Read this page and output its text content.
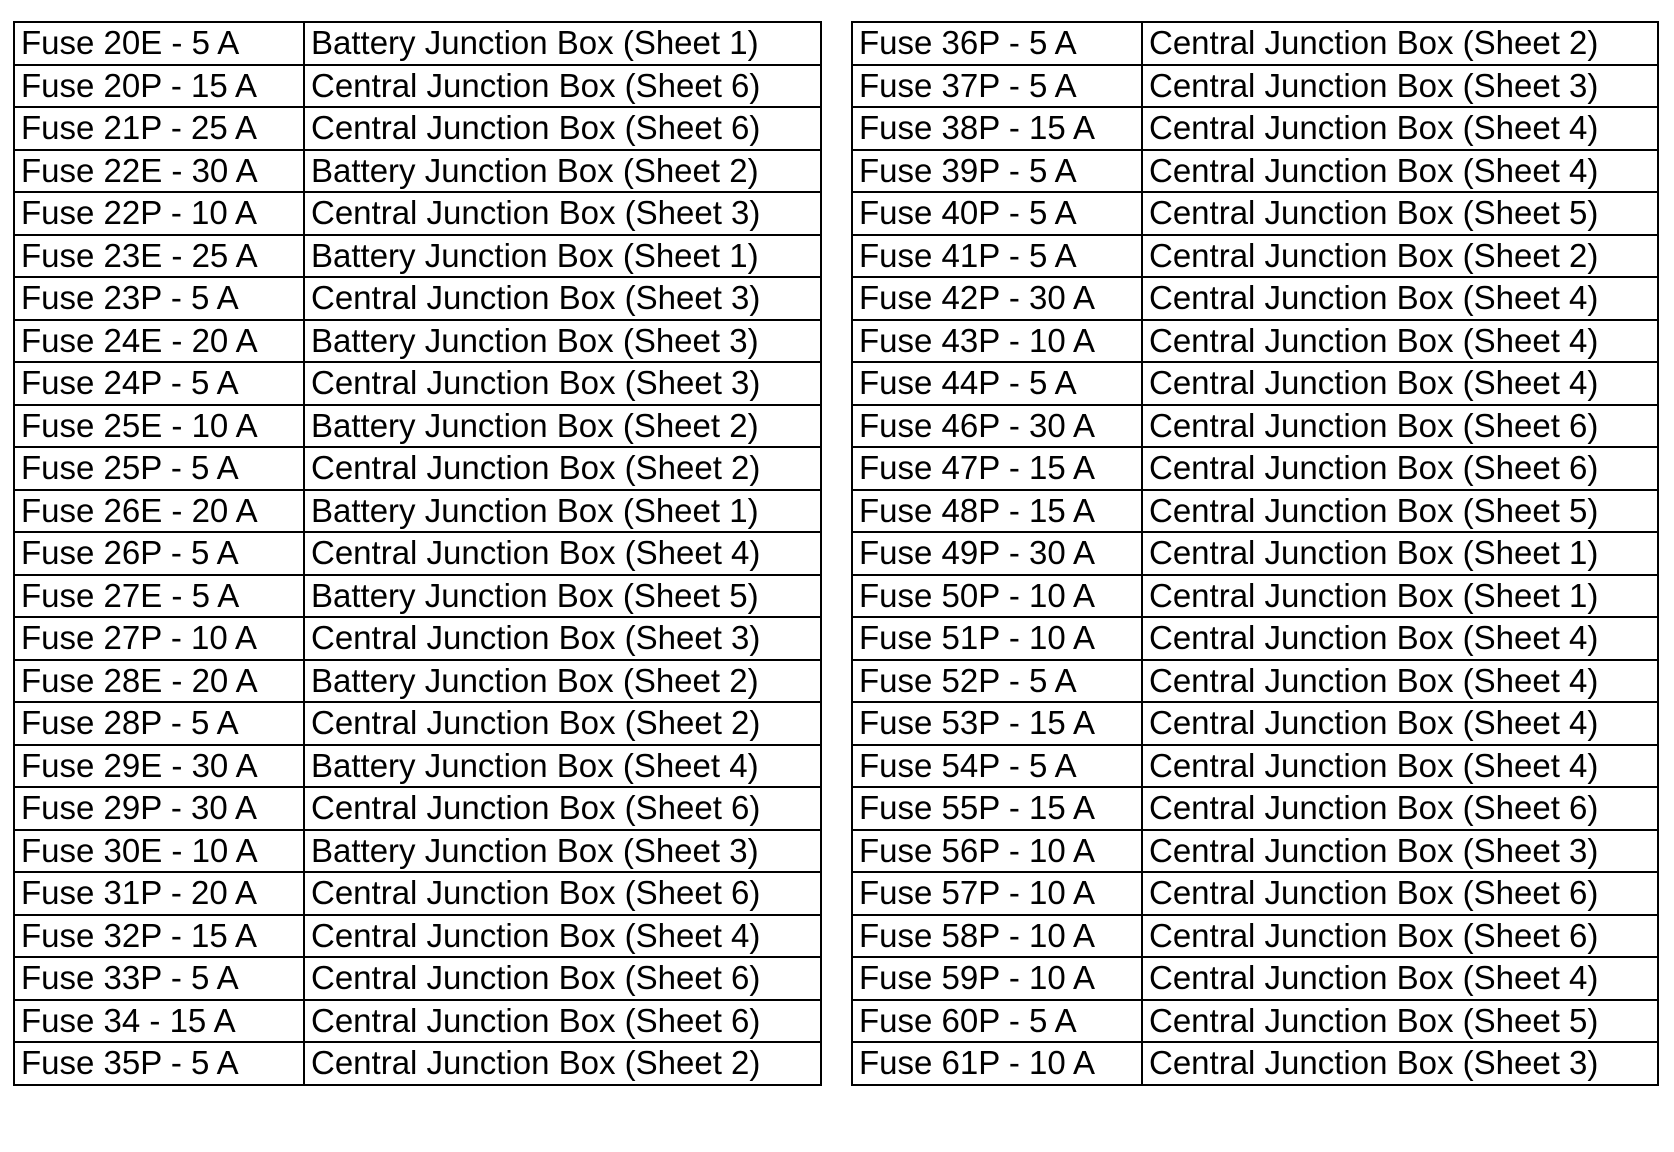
Fuse 20E - 5 A	Battery Junction Box (Sheet 1)
Fuse 20P - 15 A	Central Junction Box (Sheet 6)
Fuse 21P - 25 A	Central Junction Box (Sheet 6)
Fuse 22E - 30 A	Battery Junction Box (Sheet 2)
Fuse 22P - 10 A	Central Junction Box (Sheet 3)
Fuse 23E - 25 A	Battery Junction Box (Sheet 1)
Fuse 23P - 5 A	Central Junction Box (Sheet 3)
Fuse 24E - 20 A	Battery Junction Box (Sheet 3)
Fuse 24P - 5 A	Central Junction Box (Sheet 3)
Fuse 25E - 10 A	Battery Junction Box (Sheet 2)
Fuse 25P - 5 A	Central Junction Box (Sheet 2)
Fuse 26E - 20 A	Battery Junction Box (Sheet 1)
Fuse 26P - 5 A	Central Junction Box (Sheet 4)
Fuse 27E - 5 A	Battery Junction Box (Sheet 5)
Fuse 27P - 10 A	Central Junction Box (Sheet 3)
Fuse 28E - 20 A	Battery Junction Box (Sheet 2)
Fuse 28P - 5 A	Central Junction Box (Sheet 2)
Fuse 29E - 30 A	Battery Junction Box (Sheet 4)
Fuse 29P - 30 A	Central Junction Box (Sheet 6)
Fuse 30E - 10 A	Battery Junction Box (Sheet 3)
Fuse 31P - 20 A	Central Junction Box (Sheet 6)
Fuse 32P - 15 A	Central Junction Box (Sheet 4)
Fuse 33P - 5 A	Central Junction Box (Sheet 6)
Fuse 34 - 15 A	Central Junction Box (Sheet 6)
Fuse 35P - 5 A	Central Junction Box (Sheet 2)
Fuse 36P - 5 A	Central Junction Box (Sheet 2)
Fuse 37P - 5 A	Central Junction Box (Sheet 3)
Fuse 38P - 15 A	Central Junction Box (Sheet 4)
Fuse 39P - 5 A	Central Junction Box (Sheet 4)
Fuse 40P - 5 A	Central Junction Box (Sheet 5)
Fuse 41P - 5 A	Central Junction Box (Sheet 2)
Fuse 42P - 30 A	Central Junction Box (Sheet 4)
Fuse 43P - 10 A	Central Junction Box (Sheet 4)
Fuse 44P - 5 A	Central Junction Box (Sheet 4)
Fuse 46P - 30 A	Central Junction Box (Sheet 6)
Fuse 47P - 15 A	Central Junction Box (Sheet 6)
Fuse 48P - 15 A	Central Junction Box (Sheet 5)
Fuse 49P - 30 A	Central Junction Box (Sheet 1)
Fuse 50P - 10 A	Central Junction Box (Sheet 1)
Fuse 51P - 10 A	Central Junction Box (Sheet 4)
Fuse 52P - 5 A	Central Junction Box (Sheet 4)
Fuse 53P - 15 A	Central Junction Box (Sheet 4)
Fuse 54P - 5 A	Central Junction Box (Sheet 4)
Fuse 55P - 15 A	Central Junction Box (Sheet 6)
Fuse 56P - 10 A	Central Junction Box (Sheet 3)
Fuse 57P - 10 A	Central Junction Box (Sheet 6)
Fuse 58P - 10 A	Central Junction Box (Sheet 6)
Fuse 59P - 10 A	Central Junction Box (Sheet 4)
Fuse 60P - 5 A	Central Junction Box (Sheet 5)
Fuse 61P - 10 A	Central Junction Box (Sheet 3)
